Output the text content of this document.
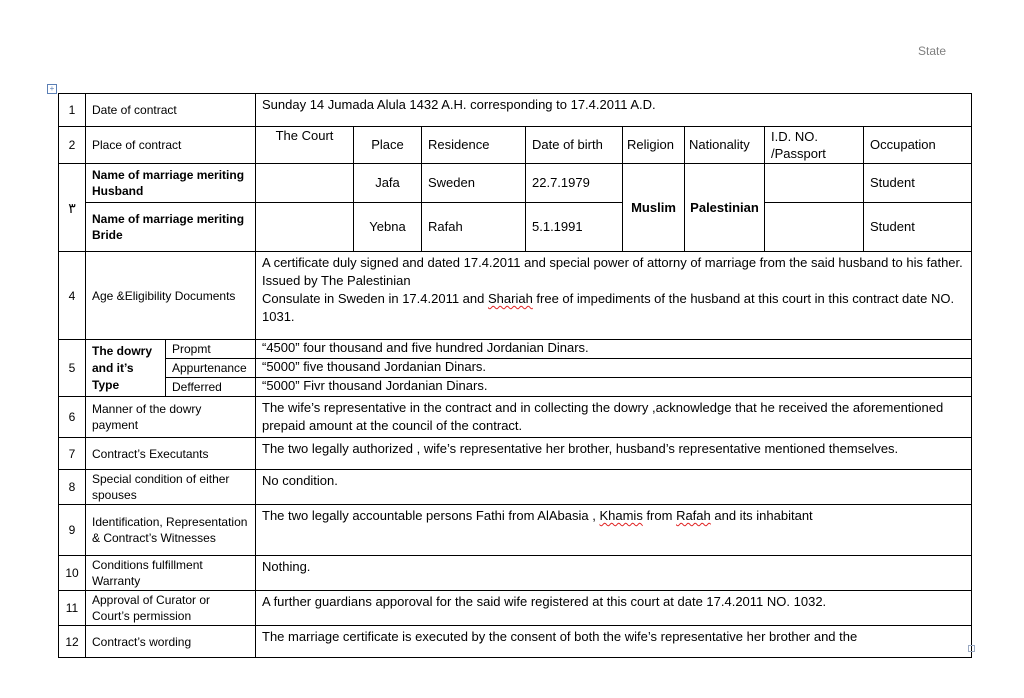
State
+
1	Date of contract		Sunday 14 Jumada Alula 1432 A.H. corresponding to 17.4.2011 A.D.							
2	Place of contract		The Court	Place	Residence	Date of birth	Religion	Nationality	I.D. NO. /Passport	Occupation
٣	Name of marriage meriting Husband			Jafa	Sweden	22.7.1979	Muslim	Palestinian		Student
	Name of marriage meriting Bride			Yebna	Rafah	5.1.1991				Student
4	Age &Eligibility Documents		A certificate duly signed and dated 17.4.2011 and special power of attorny of marriage from the said husband to his father. Issued by The Palestinian
Consulate in Sweden in 17.4.2011 and Shariah free of impediments of the husband at this court in this contract date NO. 1031.							

5	The dowry and it’s Type	Propmt	“4500” four thousand and five hundred Jordanian Dinars.							
		Appurtenance	“5000” five thousand Jordanian Dinars.							
		Defferred	“5000” Fivr thousand Jordanian Dinars.							
6	Manner of the dowry payment		The wife’s representative in the contract and in collecting the dowry ,acknowledge that he received the aforementioned prepaid amount at the council of the contract.							
7	Contract’s Executants		The two legally authorized , wife’s representative her brother, husband’s representative mentioned themselves.							
8	Special condition of either spouses		No condition.							
9	Identification, Representation & Contract’s Witnesses		The two legally accountable persons Fathi from AlAbasia , Khamis from Rafah and its inhabitant							
10	Conditions fulfillment Warranty		Nothing.							
11	Approval of Curator or Court’s permission		A further guardians apporoval for the said wife registered at this court at date 17.4.2011 NO. 1032.							
12	Contract’s wording		The marriage certificate is executed by the consent of both the wife’s representative her brother and the							
